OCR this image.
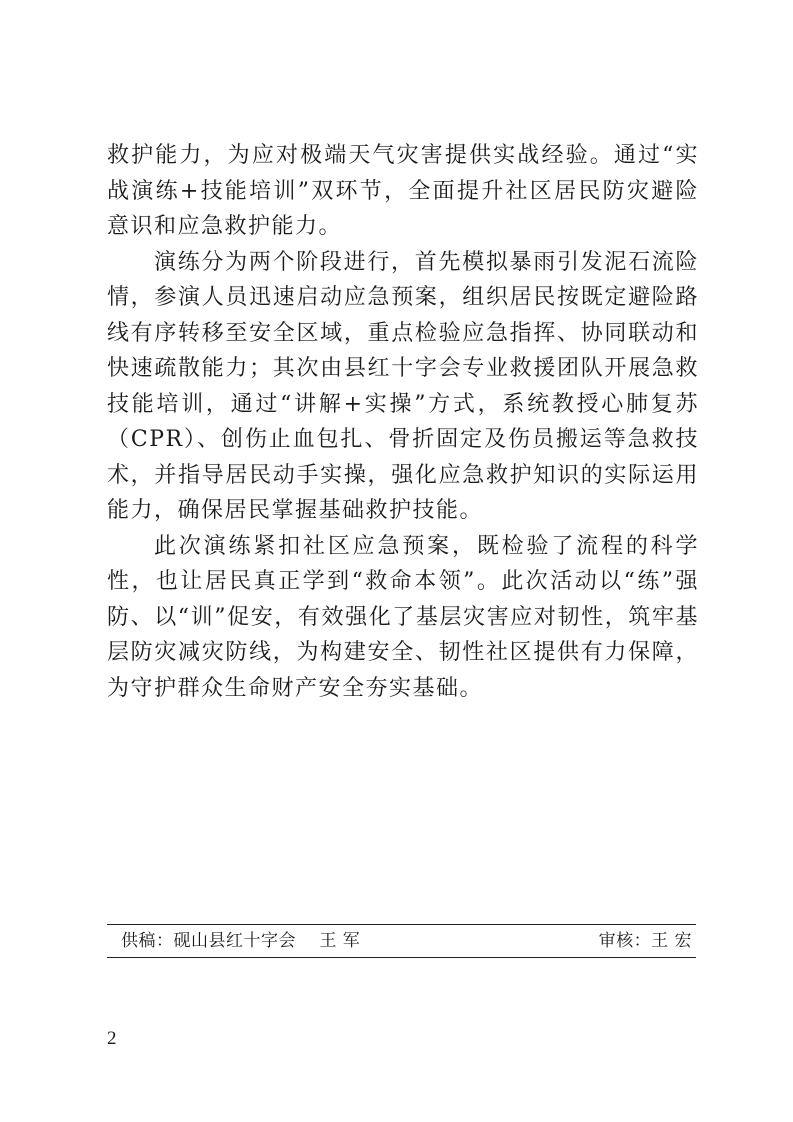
救护能力，为应对极端天气灾害提供实战经验。通过“实战演练+技能培训”双环节，全面提升社区居民防灾避险意识和应急救护能力。

演练分为两个阶段进行，首先模拟暴雨引发泥石流险情，参演人员迅速启动应急预案，组织居民按既定避险路线有序转移至安全区域，重点检验应急指挥、协同联动和快速疏散能力；其次由县红十字会专业救援团队开展急救技能培训，通过“讲解+实操”方式，系统教授心肺复苏（CPR）、创伤止血包扎、骨折固定及伤员搬运等急救技术，并指导居民动手实操，强化应急救护知识的实际运用能力，确保居民掌握基础救护技能。

此次演练紧扣社区应急预案，既检验了流程的科学性，也让居民真正学到“救命本领”。此次活动以“练”强防、以“训”促安，有效强化了基层灾害应对韧性，筑牢基层防灾减灾防线，为构建安全、韧性社区提供有力保障，为守护群众生命财产安全夯实基础。

供稿：砚山县红十字会　 王 军	审核：王 宏
2
